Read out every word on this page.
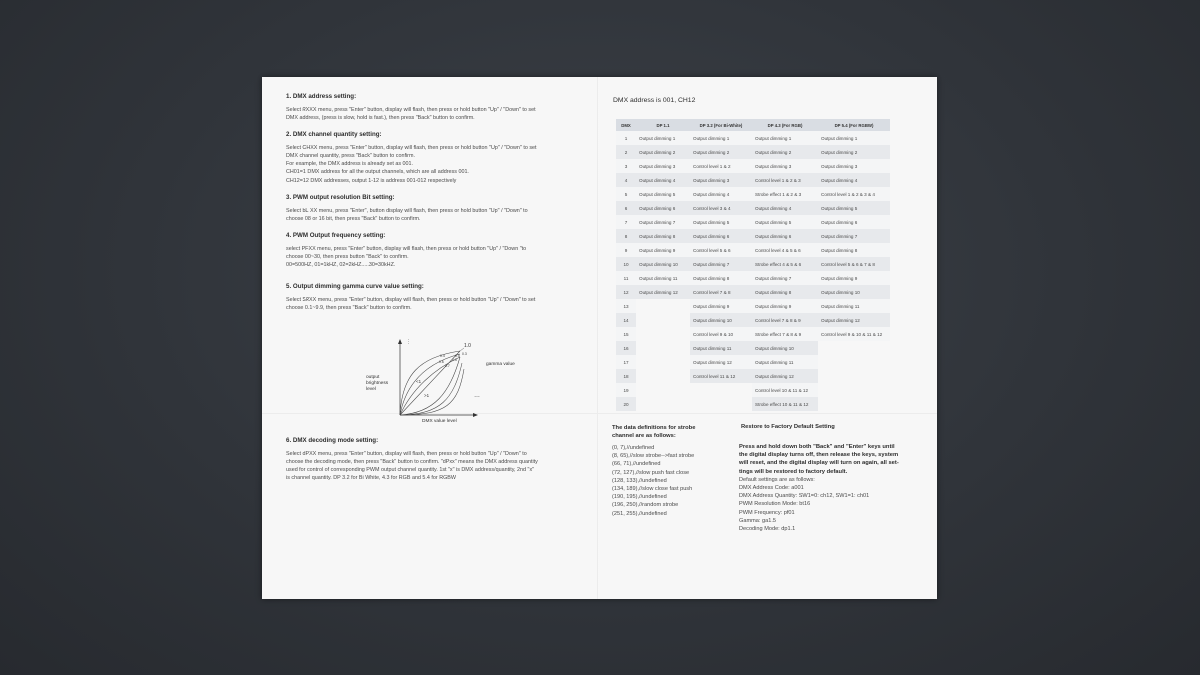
1. DMX address setting:

Select ᖇXXX menu, press "Enter" button, display will flash, then press or hold button "Up" / "Down" to set
DMX address, (press is slow, hold is fast.), then press "Back" button to confirm.

2. DMX channel quantity setting:

Select ᏟHXX menu, press "Enter" button, display will flash, then press or hold button "Up" / "Down" to set
DMX channel quantity, press "Back" button to confirm.
For example, the DMX address is already set as 001.
CH01=1 DMX address for all the output channels, which are all address 001.
CH12=12 DMX addresses, output 1-12 is address 001-012 respectively

3. PWM output resolution Bit setting:

Select bᏞ XX menu, press "Enter", button display will flash, then press or hold button "Up" / "Down" to
choose 08 or 16 bit, then press "Back" button to confirm.

4. PWM Output frequency setting:

select PFXX menu, press "Enter" button, display will flash, then press or hold button "Up" / "Down "to
choose 00~30, then press button "Back" to confirm.
00=500HZ, 01=1kHZ, 02=2kHZ.....30=30kHZ.

5. Output dimming gamma curve value setting:

Select ᏚᖇXX menu, press "Enter" button, display will flash, then press or hold button "Up" / "Down" to set
choose 0.1~9.9, then press "Back" button to confirm.

⋮
…
1.0
0.4
0.6
0.7
0.3
0.5 0.3
<1
>1
output
brightness
level
gamma value
DMX value level
6. DMX decoding mode setting:

Select dPXX menu, press "Enter" button, display will flash, then press or hold button "Up" / "Down" to
choose the decoding mode, then press "Back" button to confirm. "dPxx" means the DMX address quantity
used for control of corresponding PWM output channel quantity. 1st "x" is DMX address/quantity, 2nd "x"
is channel quantity. DP 3.2 for Bi White, 4.3 for RGB and 5.4 for RGBW

DMX address is 001, CH12
DMX	DP 1.1	DP 3.2 (For Bi-White)	DP 4.3 (For RGB)	DP 5.4 (For RGBW)
1	Output dimming 1	Output dimming 1	Output dimming 1	Output dimming 1
2	Output dimming 2	Output dimming 2	Output dimming 2	Output dimming 2
3	Output dimming 3	Control level 1 & 2	Output dimming 3	Output dimming 3
4	Output dimming 4	Output dimming 3	Control level 1 & 2 & 3	Output dimming 4
5	Output dimming 5	Output dimming 4	Strobe effect 1 & 2 & 3	Control level 1 & 2 & 3 & 4
6	Output dimming 6	Control level 3 & 4	Output dimming 4	Output dimming 5
7	Output dimming 7	Output dimming 5	Output dimming 5	Output dimming 6
8	Output dimming 8	Output dimming 6	Output dimming 6	Output dimming 7
9	Output dimming 9	Control level 5 & 6	Control level 4 & 5 & 6	Output dimming 8
10	Output dimming 10	Output dimming 7	Strobe effect 4 & 5 & 6	Control level 5 & 6 & 7 & 8
11	Output dimming 11	Output dimming 8	Output dimming 7	Output dimming 9
12	Output dimming 12	Control level 7 & 8	Output dimming 8	Output dimming 10
13		Output dimming 9	Output dimming 9	Output dimming 11
14		Output dimming 10	Control level 7 & 8 & 9	Output dimming 12
15		Control level 9 & 10	Strobe effect 7 & 8 & 9	Control level 9 & 10 & 11 & 12
16		Output dimming 11	Output dimming 10	
17		Output dimming 12	Output dimming 11	
18		Control level 11 & 12	Output dimming 12	
19			Control level 10 & 11 & 12	
20			Strobe effect 10 & 11 & 12	
The data definitions for strobe
channel are as follows:
(0, 7),//undefined
(8, 65),//slow strobe-->fast strobe
(66, 71),//undefined
(72, 127),//slow push fast close
(128, 133),//undefined
(134, 189),//slow close fast push
(190, 195),//undefined
(196, 250),//random strobe
(251, 255),//undefined
Restore to Factory Default Setting
Press and hold down both "Back" and "Enter" keys until
the digital display turns off, then release the keys, system
will reset, and the digital display will turn on again, all set-
tings will be restored to factory default.
Default settings are as follows:
DMX Address Code: a001
DMX Address Quantity: SW1=0: ch12, SW1=1: ch01
PWM Resolution Mode: bt16
PWM Frequency: pf01
Gamma: ga1.5
Decoding Mode: dp1.1
